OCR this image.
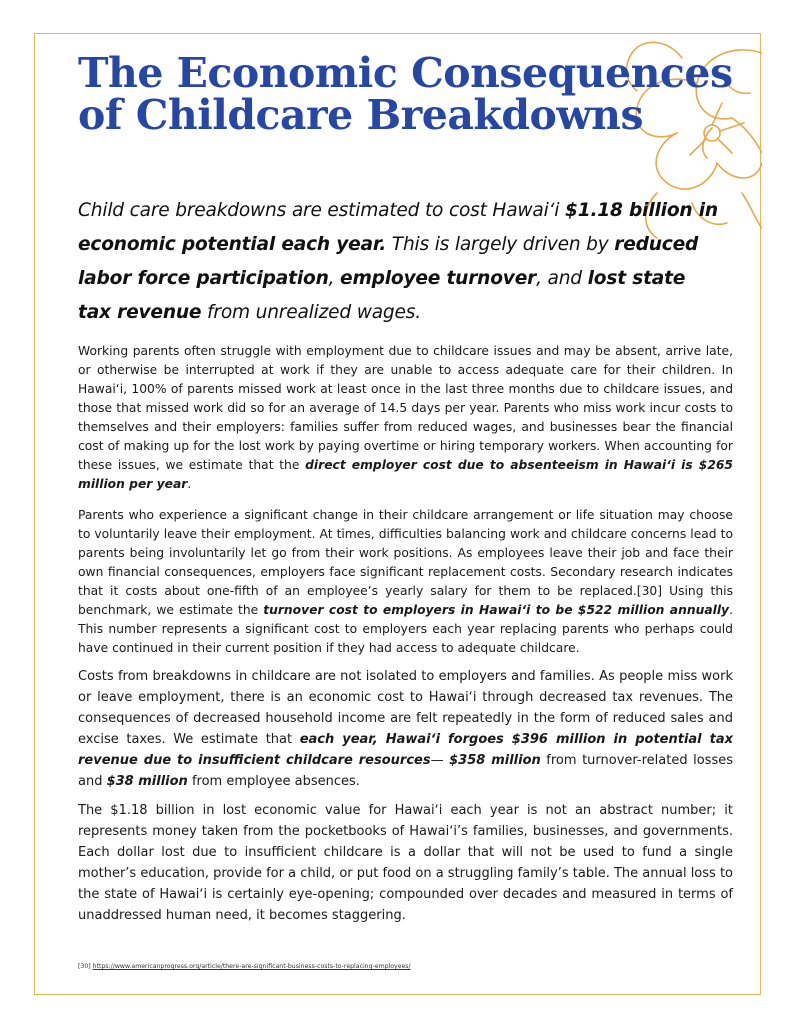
The Economic Consequences of Childcare Breakdowns

Child care breakdowns are estimated to cost Hawaiʻi $1.18 billion in economic potential each year. This is largely driven by reduced labor force participation, employee turnover, and lost state tax revenue from unrealized wages.

Working parents often struggle with employment due to childcare issues and may be absent, arrive late, or otherwise be interrupted at work if they are unable to access adequate care for their children. In Hawaiʻi, 100% of parents missed work at least once in the last three months due to childcare issues, and those that missed work did so for an average of 14.5 days per year. Parents who miss work incur costs to themselves and their employers: families suffer from reduced wages, and businesses bear the financial cost of making up for the lost work by paying overtime or hiring temporary workers. When accounting for these issues, we estimate that the direct employer cost due to absenteeism in Hawaiʻi is $265 million per year.

Parents who experience a significant change in their childcare arrangement or life situation may choose to voluntarily leave their employment. At times, difficulties balancing work and childcare concerns lead to parents being involuntarily let go from their work positions. As employees leave their job and face their own financial consequences, employers face significant replacement costs. Secondary research indicates that it costs about one-fifth of an employee’s yearly salary for them to be replaced.[30] Using this benchmark, we estimate the turnover cost to employers in Hawaiʻi to be $522 million annually. This number represents a significant cost to employers each year replacing parents who perhaps could have continued in their current position if they had access to adequate childcare.

Costs from breakdowns in childcare are not isolated to employers and families. As people miss work or leave employment, there is an economic cost to Hawaiʻi through decreased tax revenues. The consequences of decreased household income are felt repeatedly in the form of reduced sales and excise taxes. We estimate that each year, Hawaiʻi forgoes $396 million in potential tax revenue due to insufficient childcare resources— $358 million from turnover-related losses and $38 million from employee absences.

The $1.18 billion in lost economic value for Hawaiʻi each year is not an abstract number; it represents money taken from the pocketbooks of Hawaiʻi’s families, businesses, and governments. Each dollar lost due to insufficient childcare is a dollar that will not be used to fund a single mother’s education, provide for a child, or put food on a struggling family’s table. The annual loss to the state of Hawaiʻi is certainly eye-opening; compounded over decades and measured in terms of unaddressed human need, it becomes staggering.

[30] https://www.americanprogress.org/article/there-are-significant-business-costs-to-replacing-employees/
